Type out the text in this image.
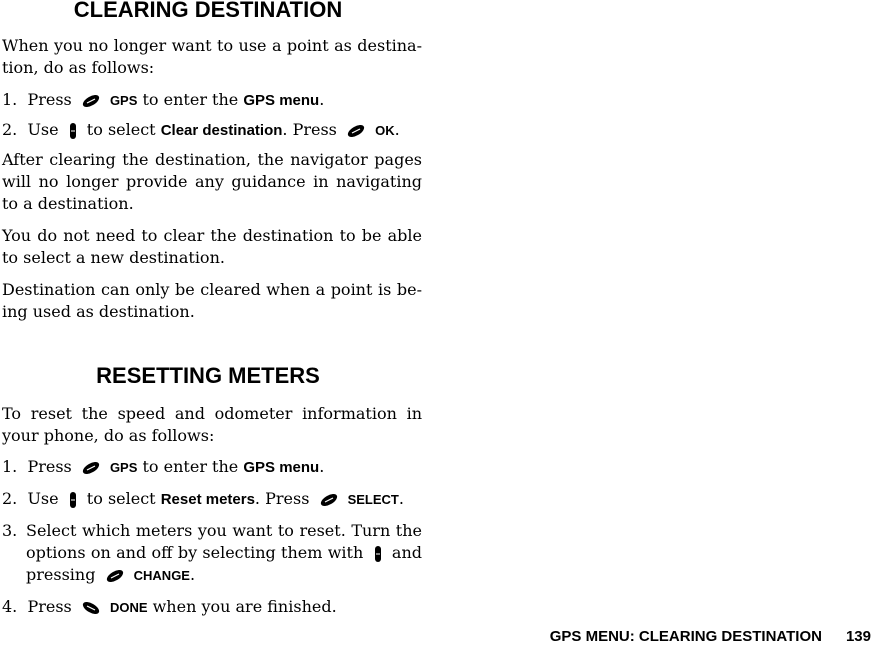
CLEARING DESTINATION

When you no longer want to use a point as destina-tion, do as follows:

1. Press	GPS to enter the GPS menu.
2. Use to select Clear destination. Press	OK.

After clearing the destination, the navigator pages will no longer provide any guidance in navigating to a destination.

You do not need to clear the destination to be able to select a new destination.

Destination can only be cleared when a point is be-ing used as destination.

RESETTING METERS

To reset the speed and odometer information in your phone, do as follows:

1. Press	GPS to enter the GPS menu.
2. Use to select Reset meters. Press	SELECT.
3. Select which meters you want to reset. Turn the options on and off by selecting them with and pressing	CHANGE.
4. Press	DONE when you are finished.
GPS MENU: CLEARING DESTINATION 139
